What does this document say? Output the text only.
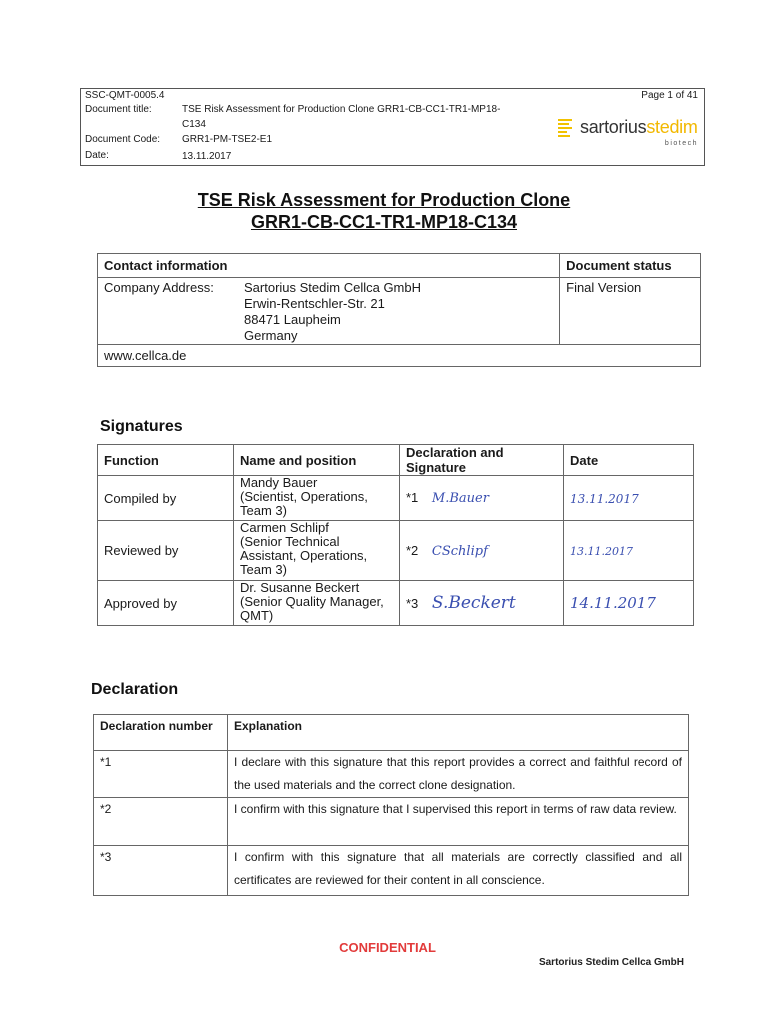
SSC-QMT-0005.4	Page 1 of 41
Document title:	TSE Risk Assessment for Production Clone GRR1-CB-CC1-TR1-MP18-
C134
Document Code: GRR1-PM-TSE2-E1
Date:	13.11.2017
sartoriusstedim
biotech
TSE Risk Assessment for Production Clone
GRR1-CB-CC1-TR1-MP18-C134
Contact information		Document status
Company Address:	Sartorius Stedim Cellca GmbH
Erwin-Rentschler-Str. 21
88471 Laupheim
Germany	Final Version
www.cellca.de		
Signatures
Function	Name and position	Declaration and Signature	Date
Compiled by	Mandy Bauer
(Scientist, Operations,
Team 3)	*1 M.Bauer	13.11.2017
Reviewed by	Carmen Schlipf
(Senior Technical
Assistant, Operations,
Team 3)	*2 CSchlipf	13.11.2017
Approved by	Dr. Susanne Beckert
(Senior Quality Manager,
QMT)	*3 S.Beckert	14.11.2017
Declaration
Declaration number	Explanation
*1	I declare with this signature that this report provides a correct and faithful record of the used materials and the correct clone designation.
*2	I confirm with this signature that I supervised this report in terms of raw data review.
*3	I confirm with this signature that all materials are correctly classified and all certificates are reviewed for their content in all conscience.
CONFIDENTIAL
Sartorius Stedim Cellca GmbH
